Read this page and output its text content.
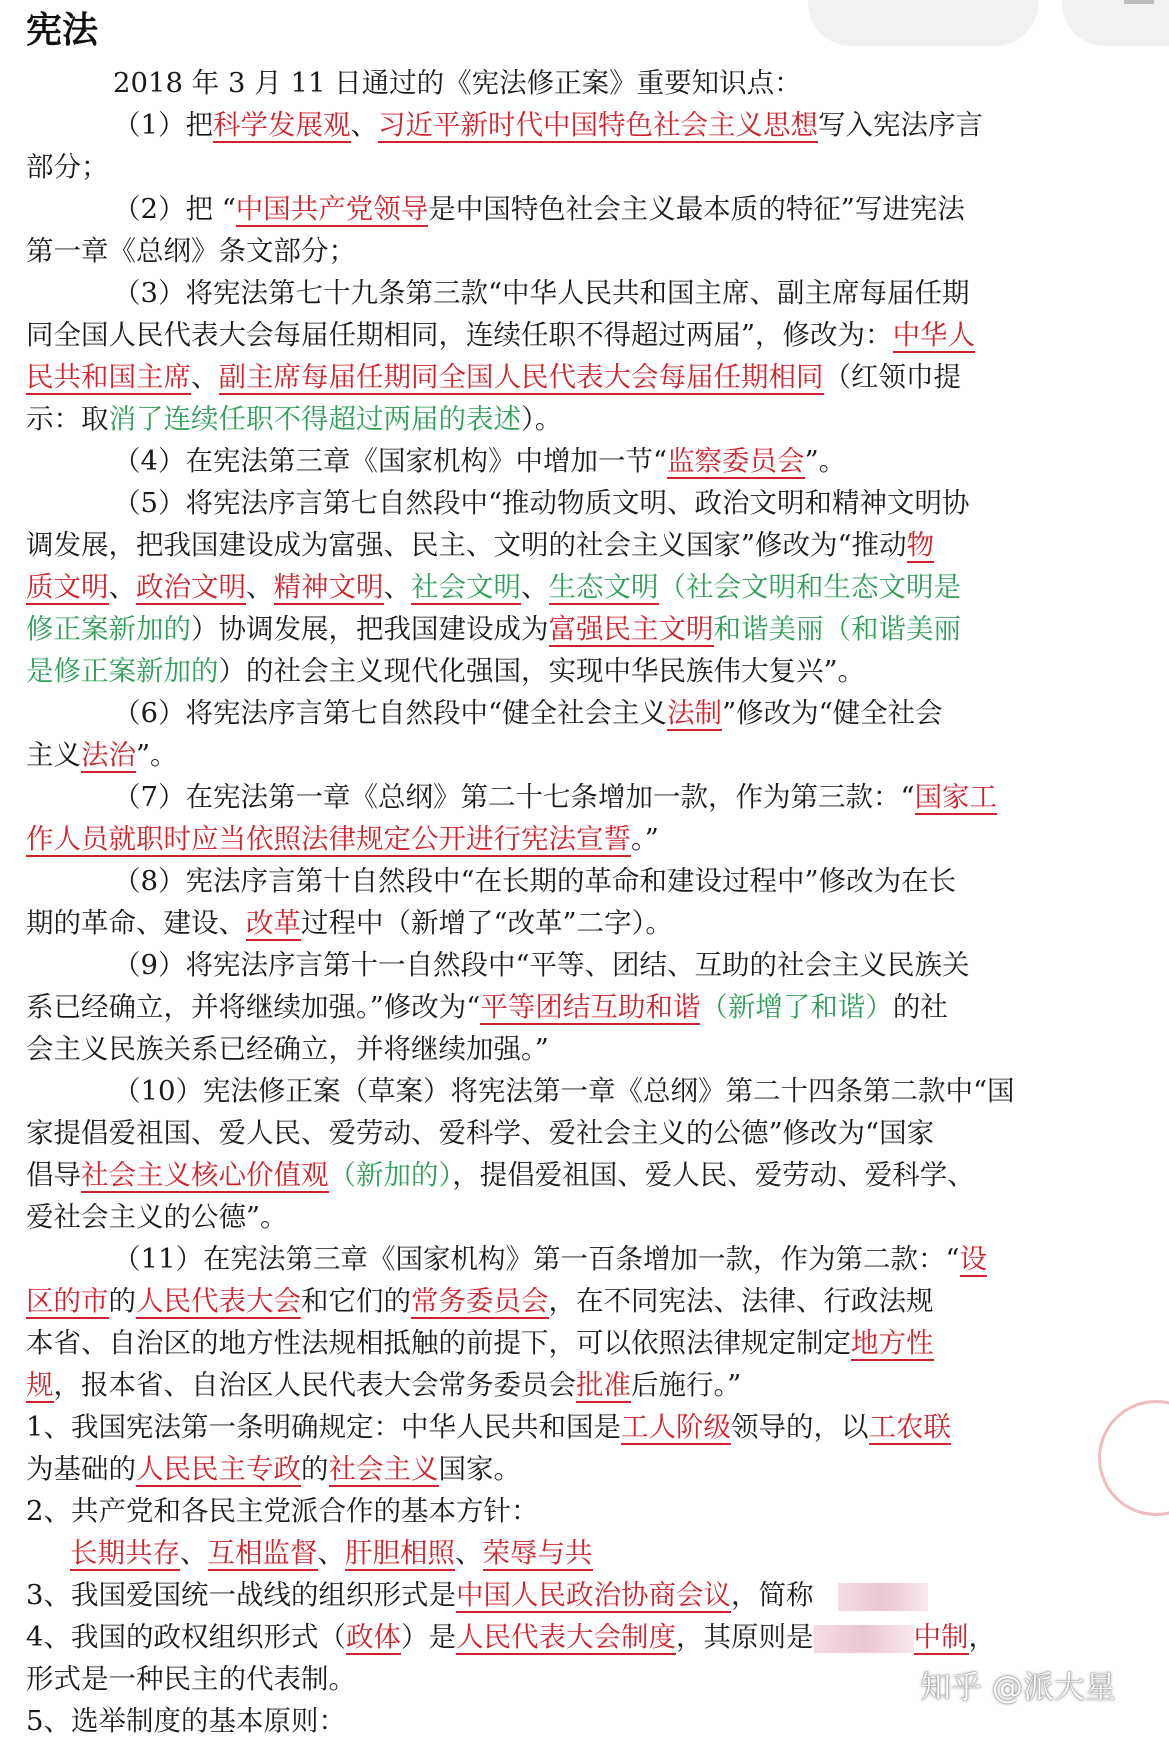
宪法
2018 年 3 月 11 日通过的《宪法修正案》重要知识点：
（1）把科学发展观、习近平新时代中国特色社会主义思想写入宪法序言
部分；
（2）把 “中国共产党领导是中国特色社会主义最本质的特征”写进宪法
第一章《总纲》条文部分；
（3）将宪法第七十九条第三款“中华人民共和国主席、副主席每届任期
同全国人民代表大会每届任期相同，连续任职不得超过两届”，修改为：中华人
民共和国主席、副主席每届任期同全国人民代表大会每届任期相同（红领巾提
示：取消了连续任职不得超过两届的表述）。
（4）在宪法第三章《国家机构》中增加一节“监察委员会”。
（5）将宪法序言第七自然段中“推动物质文明、政治文明和精神文明协
调发展，把我国建设成为富强、民主、文明的社会主义国家”修改为“推动物
质文明、政治文明、精神文明、社会文明、生态文明（社会文明和生态文明是
修正案新加的）协调发展，把我国建设成为富强民主文明和谐美丽（和谐美丽
是修正案新加的）的社会主义现代化强国，实现中华民族伟大复兴”。
（6）将宪法序言第七自然段中“健全社会主义法制”修改为“健全社会
主义法治”。
（7）在宪法第一章《总纲》第二十七条增加一款，作为第三款：“国家工
作人员就职时应当依照法律规定公开进行宪法宣誓。”
（8）宪法序言第十自然段中“在长期的革命和建设过程中”修改为在长
期的革命、建设、改革过程中（新增了“改革”二字）。
（9）将宪法序言第十一自然段中“平等、团结、互助的社会主义民族关
系已经确立，并将继续加强。”修改为“平等团结互助和谐（新增了和谐）的社
会主义民族关系已经确立，并将继续加强。”
（10）宪法修正案（草案）将宪法第一章《总纲》第二十四条第二款中“国
家提倡爱祖国、爱人民、爱劳动、爱科学、爱社会主义的公德”修改为“国家
倡导社会主义核心价值观（新加的），提倡爱祖国、爱人民、爱劳动、爱科学、
爱社会主义的公德”。
（11）在宪法第三章《国家机构》第一百条增加一款，作为第二款：“设
区的市的人民代表大会和它们的常务委员会，在不同宪法、法律、行政法规
本省、自治区的地方性法规相抵触的前提下，可以依照法律规定制定地方性
规，报本省、自治区人民代表大会常务委员会批准后施行。”
1、我国宪法第一条明确规定：中华人民共和国是工人阶级领导的，以工农联
为基础的人民民主专政的社会主义国家。
2、共产党和各民主党派合作的基本方针：
长期共存、互相监督、肝胆相照、荣辱与共
3、我国爱国统一战线的组织形式是中国人民政治协商会议，简称
4、我国的政权组织形式（政体）是人民代表大会制度，其原则是	中制，
形式是一种民主的代表制。
5、选举制度的基本原则：
知乎 @派大星
